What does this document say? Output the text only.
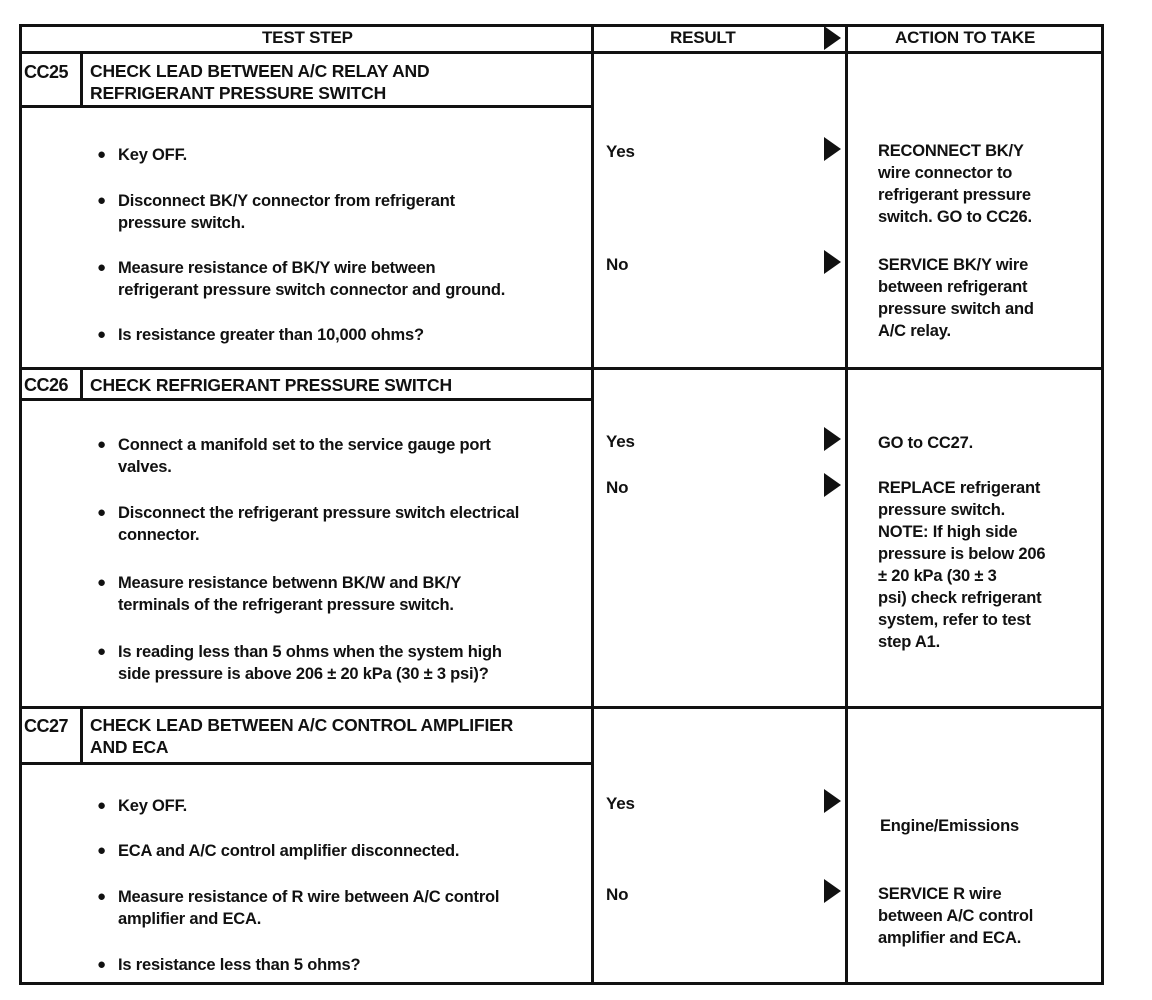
TEST STEP	RESULT	ACTION TO TAKE
CC25 CHECK LEAD BETWEEN A/C RELAY AND
REFRIGERANT PRESSURE SWITCH
● Key OFF.
● Disconnect BK/Y connector from refrigerant
pressure switch.
● Measure resistance of BK/Y wire between
refrigerant pressure switch connector and ground.
● Is resistance greater than 10,000 ohms?
Yes
No
RECONNECT BK/Y
wire connector to
refrigerant pressure
switch. GO to CC26.
SERVICE BK/Y wire
between refrigerant
pressure switch and
A/C relay.
CC26 CHECK REFRIGERANT PRESSURE SWITCH
● Connect a manifold set to the service gauge port
valves.
● Disconnect the refrigerant pressure switch electrical
connector.
● Measure resistance betwenn BK/W and BK/Y
terminals of the refrigerant pressure switch.
● Is reading less than 5 ohms when the system high
side pressure is above 206 ± 20 kPa (30 ± 3 psi)?
Yes
No
GO to CC27.
REPLACE refrigerant
pressure switch.
NOTE: If high side
pressure is below 206
± 20 kPa (30 ± 3
psi) check refrigerant
system, refer to test
step A1.
CC27 CHECK LEAD BETWEEN A/C CONTROL AMPLIFIER
AND ECA
● Key OFF.
● ECA and A/C control amplifier disconnected.
● Measure resistance of R wire between A/C control
amplifier and ECA.
● Is resistance less than 5 ohms?
Yes
No
Engine/Emissions
SERVICE R wire
between A/C control
amplifier and ECA.
